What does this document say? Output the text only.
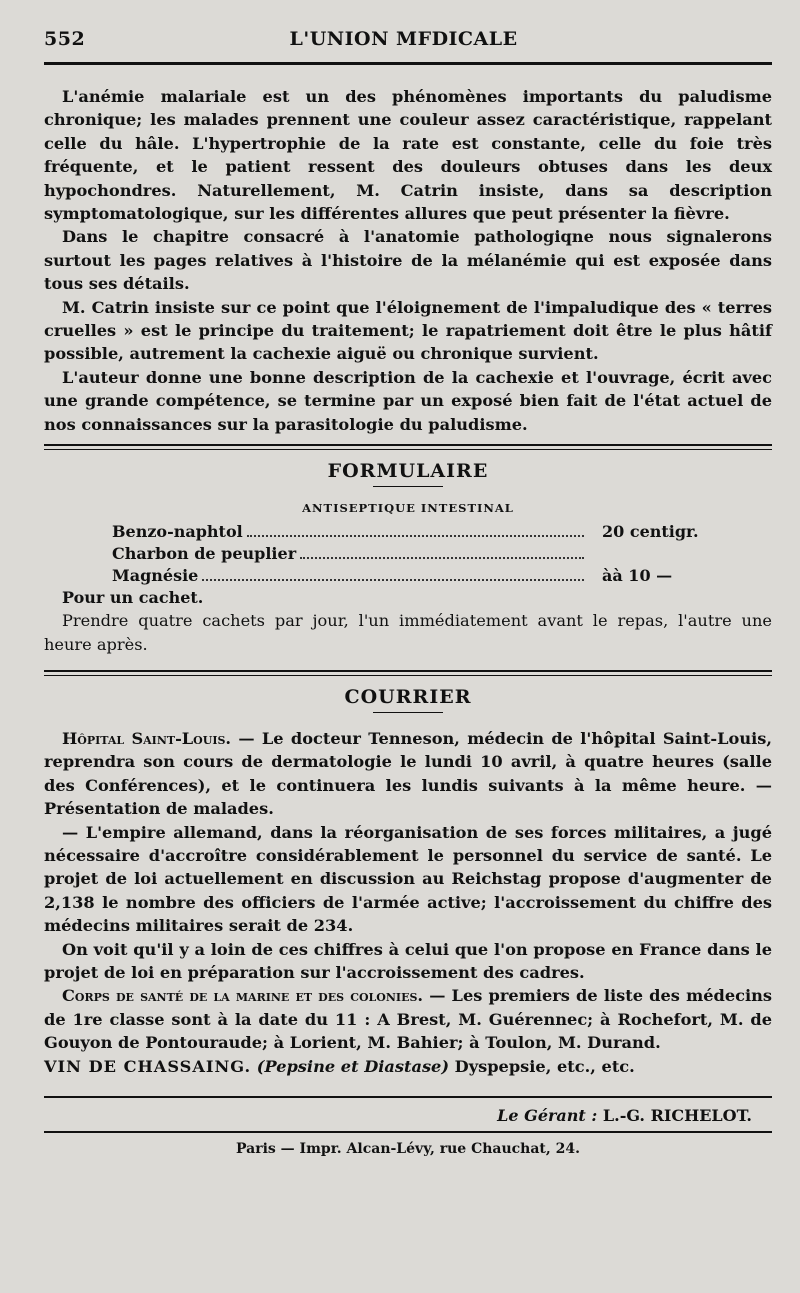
552	L'UNION MFDICALE

L'anémie malariale est un des phénomènes importants du paludisme chronique; les malades prennent une couleur assez caractéristique, rappelant celle du hâle. L'hypertrophie de la rate est constante, celle du foie très fréquente, et le patient ressent des douleurs obtuses dans les deux hypochondres. Naturellement, M. Catrin insiste, dans sa description symptomatologique, sur les différentes allures que peut présenter la fièvre.

Dans le chapitre consacré à l'anatomie pathologiqne nous signalerons surtout les pages relatives à l'histoire de la mélanémie qui est exposée dans tous ses détails.

M. Catrin insiste sur ce point que l'éloignement de l'impaludique des « terres cruelles » est le principe du traitement; le rapatriement doit être le plus hâtif possible, autrement la cachexie aiguë ou chronique survient.

L'auteur donne une bonne description de la cachexie et l'ouvrage, écrit avec une grande compétence, se termine par un exposé bien fait de l'état actuel de nos connaissances sur la parasitologie du paludisme.

FORMULAIRE
ANTISEPTIQUE INTESTINAL
Benzo-naphtol	20 centigr.
Charbon de peuplier
Magnésie	àà 10 —
Pour un cachet.

Prendre quatre cachets par jour, l'un immédiatement avant le repas, l'autre une heure après.

COURRIER

Hôpital Saint-Louis. — Le docteur Tenneson, médecin de l'hôpital Saint-Louis, reprendra son cours de dermatologie le lundi 10 avril, à quatre heures (salle des Conférences), et le continuera les lundis suivants à la même heure. — Présentation de malades.

— L'empire allemand, dans la réorganisation de ses forces militaires, a jugé nécessaire d'accroître considérablement le personnel du service de santé. Le projet de loi actuellement en discussion au Reichstag propose d'augmenter de 2,138 le nombre des officiers de l'armée active; l'accroissement du chiffre des médecins militaires serait de 234.

On voit qu'il y a loin de ces chiffres à celui que l'on propose en France dans le projet de loi en préparation sur l'accroissement des cadres.

Corps de santé de la marine et des colonies. — Les premiers de liste des médecins de 1re classe sont à la date du 11 : A Brest, M. Guérennec; à Rochefort, M. de Gouyon de Pontouraude; à Lorient, M. Bahier; à Toulon, M. Durand.

VIN DE CHASSAING. (Pepsine et Diastase) Dyspepsie, etc., etc.

Le Gérant : L.-G. RICHELOT.
Paris — Impr. Alcan-Lévy, rue Chauchat, 24.
